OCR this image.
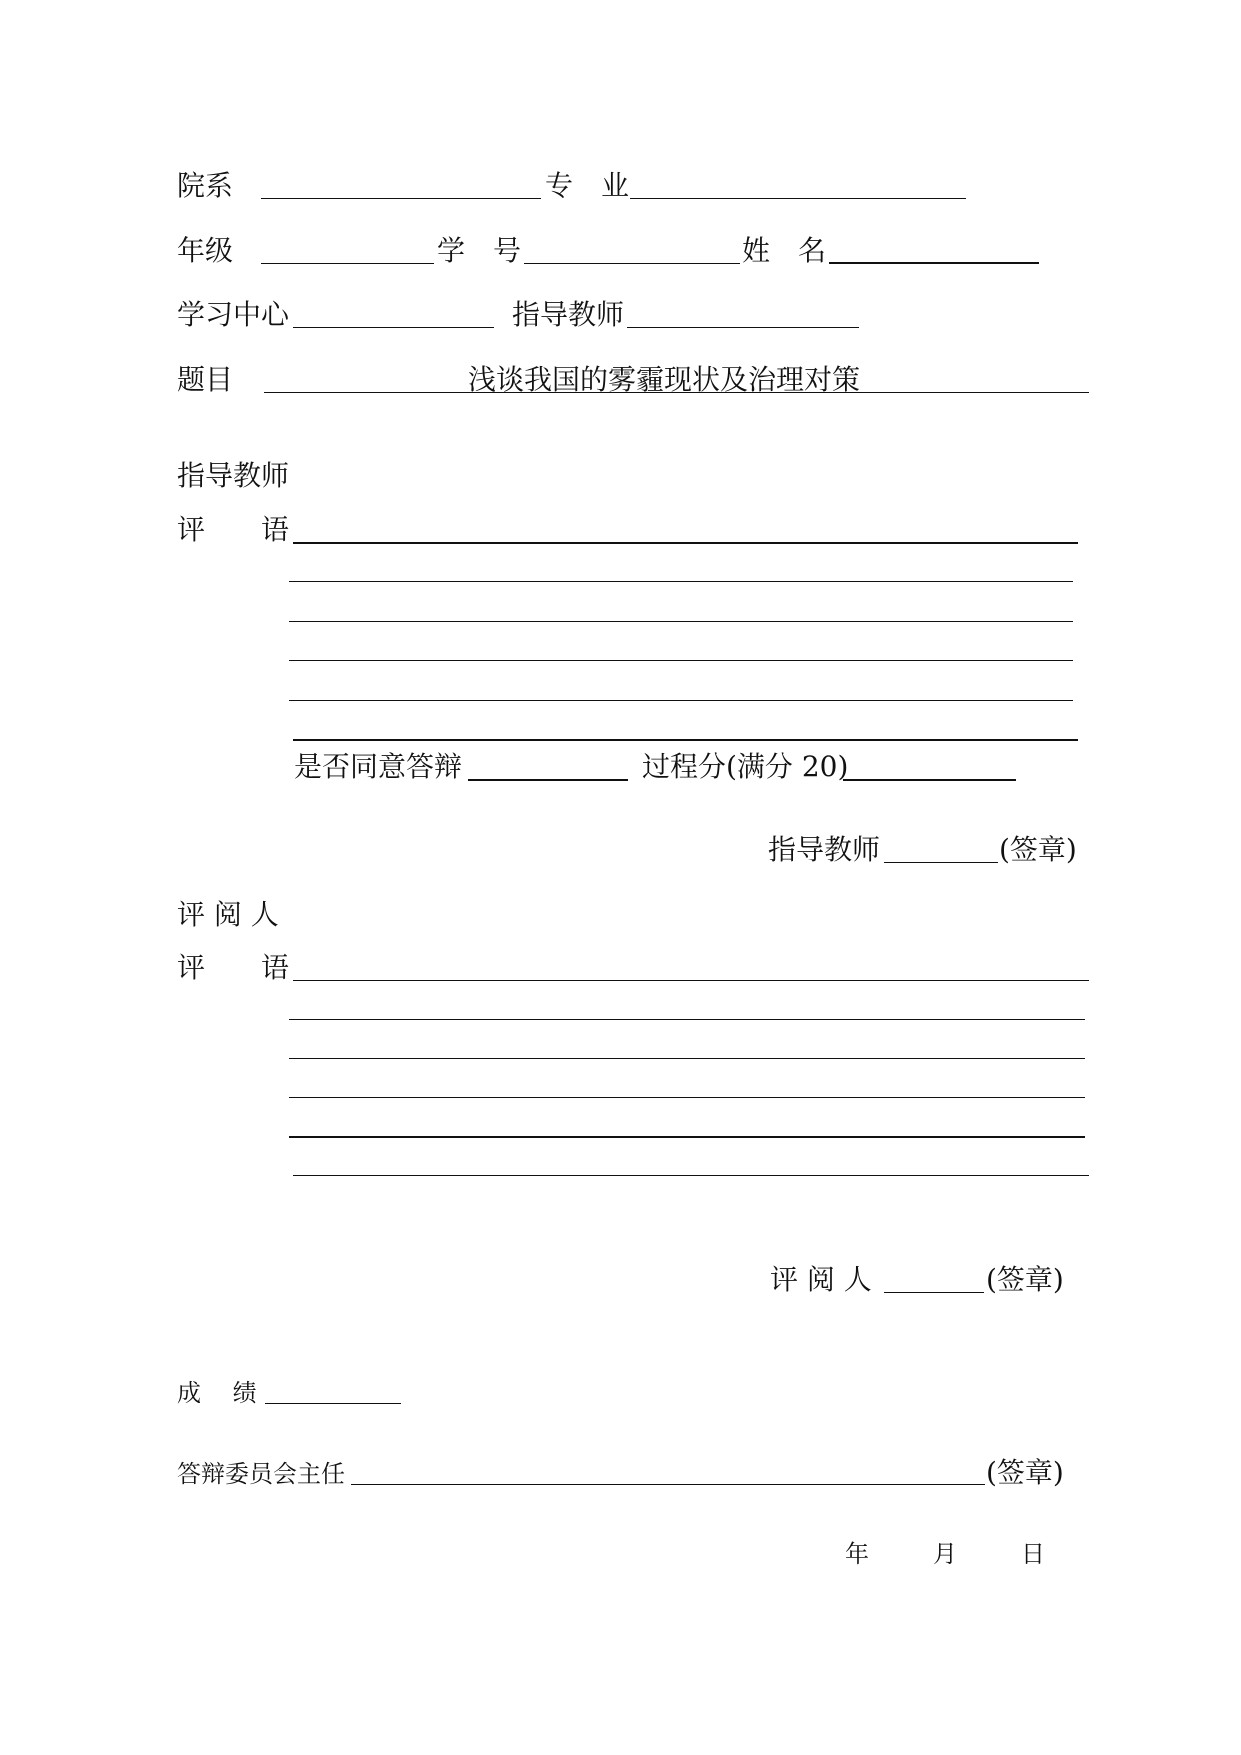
院系	专　业
年级	学　号	姓　名
学习中心	指导教师
题目	浅谈我国的雾霾现状及治理对策
指导教师
评　　语
是否同意答辩	过程分(满分 20)
指导教师	(签章)
评 阅 人
评　　语
评 阅 人	(签章)
成　 绩
答辩委员会主任	(签章)
年	月	日
